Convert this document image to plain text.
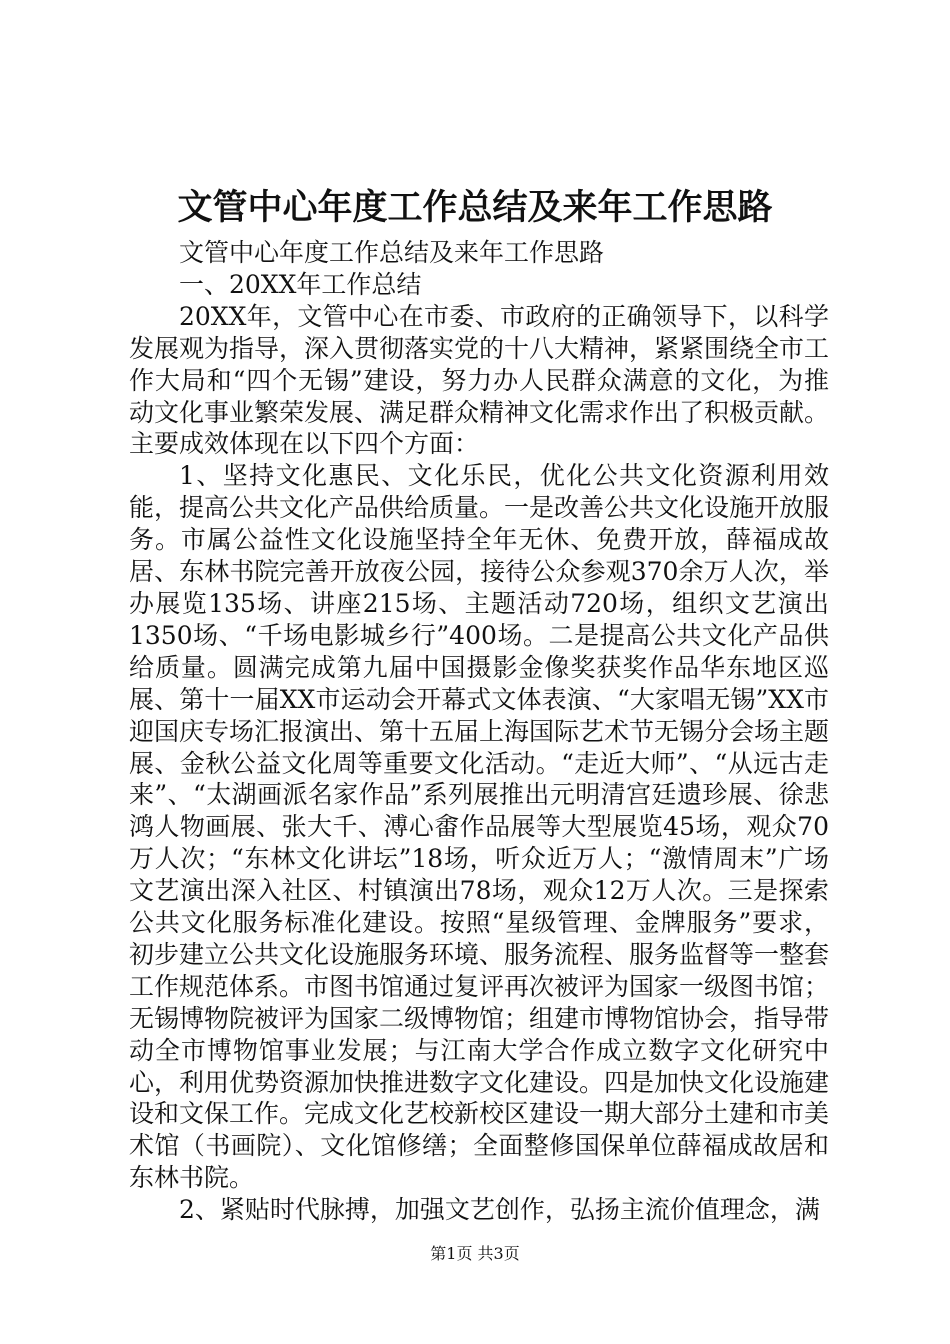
文管中心年度工作总结及来年工作思路

文管中心年度工作总结及来年工作思路

一、20XX年工作总结

20XX年，文管中心在市委、市政府的正确领导下，以科学发展观为指导，深入贯彻落实党的十八大精神，紧紧围绕全市工作大局和“四个无锡”建设，努力办人民群众满意的文化，为推动文化事业繁荣发展、满足群众精神文化需求作出了积极贡献。主要成效体现在以下四个方面：

1、坚持文化惠民、文化乐民，优化公共文化资源利用效能，提高公共文化产品供给质量。一是改善公共文化设施开放服务。市属公益性文化设施坚持全年无休、免费开放，薛福成故居、东林书院完善开放夜公园，接待公众参观370余万人次，举办展览135场、讲座215场、主题活动720场，组织文艺演出1350场、“千场电影城乡行”400场。二是提高公共文化产品供给质量。圆满完成第九届中国摄影金像奖获奖作品华东地区巡展、第十一届XX市运动会开幕式文体表演、“大家唱无锡”XX市迎国庆专场汇报演出、第十五届上海国际艺术节无锡分会场主题展、金秋公益文化周等重要文化活动。“走近大师”、“从远古走来”、“太湖画派名家作品”系列展推出元明清宫廷遗珍展、徐悲鸿人物画展、张大千、溥心畬作品展等大型展览45场，观众70万人次；“东林文化讲坛”18场，听众近万人；“激情周末”广场文艺演出深入社区、村镇演出78场，观众12万人次。三是探索公共文化服务标准化建设。按照“星级管理、金牌服务”要求，初步建立公共文化设施服务环境、服务流程、服务监督等一整套工作规范体系。市图书馆通过复评再次被评为国家一级图书馆；无锡博物院被评为国家二级博物馆；组建市博物馆协会，指导带动全市博物馆事业发展；与江南大学合作成立数字文化研究中心，利用优势资源加快推进数字文化建设。四是加快文化设施建设和文保工作。完成文化艺校新校区建设一期大部分土建和市美术馆（书画院）、文化馆修缮；全面整修国保单位薛福成故居和东林书院。

2、紧贴时代脉搏，加强文艺创作，弘扬主流价值理念，满

第1页 共3页
